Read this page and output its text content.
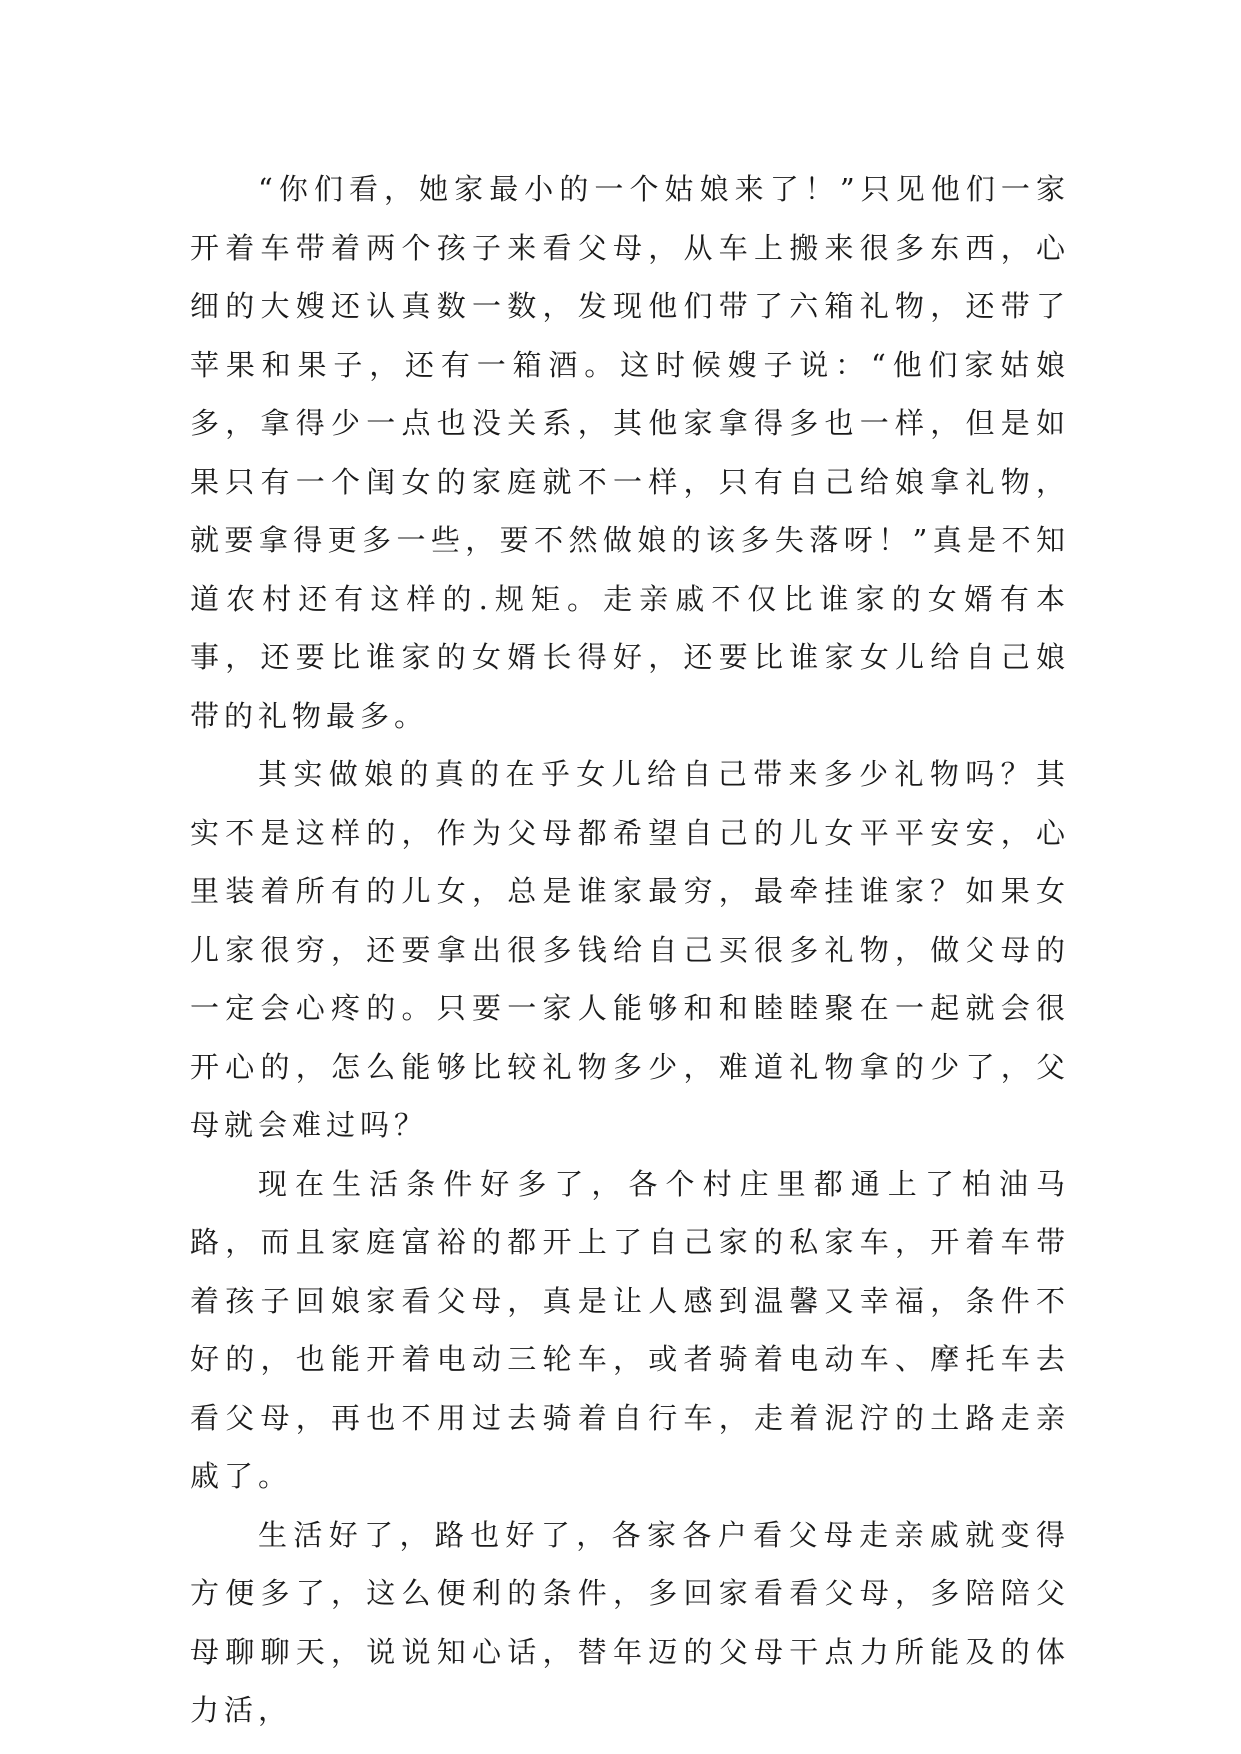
“你们看，她家最小的一个姑娘来了！”只见他们一家开着车带着两个孩子来看父母，从车上搬来很多东西，心细的大嫂还认真数一数，发现他们带了六箱礼物，还带了苹果和果子，还有一箱酒。这时候嫂子说：“他们家姑娘多，拿得少一点也没关系，其他家拿得多也一样，但是如果只有一个闺女的家庭就不一样，只有自己给娘拿礼物，就要拿得更多一些，要不然做娘的该多失落呀！”真是不知道农村还有这样的.规矩。走亲戚不仅比谁家的女婿有本事，还要比谁家的女婿长得好，还要比谁家女儿给自己娘带的礼物最多。

其实做娘的真的在乎女儿给自己带来多少礼物吗？其实不是这样的，作为父母都希望自己的儿女平平安安，心里装着所有的儿女，总是谁家最穷，最牵挂谁家？如果女儿家很穷，还要拿出很多钱给自己买很多礼物，做父母的一定会心疼的。只要一家人能够和和睦睦聚在一起就会很开心的，怎么能够比较礼物多少，难道礼物拿的少了，父母就会难过吗？

现在生活条件好多了，各个村庄里都通上了柏油马路，而且家庭富裕的都开上了自己家的私家车，开着车带着孩子回娘家看父母，真是让人感到温馨又幸福，条件不好的，也能开着电动三轮车，或者骑着电动车、摩托车去看父母，再也不用过去骑着自行车，走着泥泞的土路走亲戚了。

生活好了，路也好了，各家各户看父母走亲戚就变得方便多了，这么便利的条件，多回家看看父母，多陪陪父母聊聊天，说说知心话，替年迈的父母干点力所能及的体力活，
